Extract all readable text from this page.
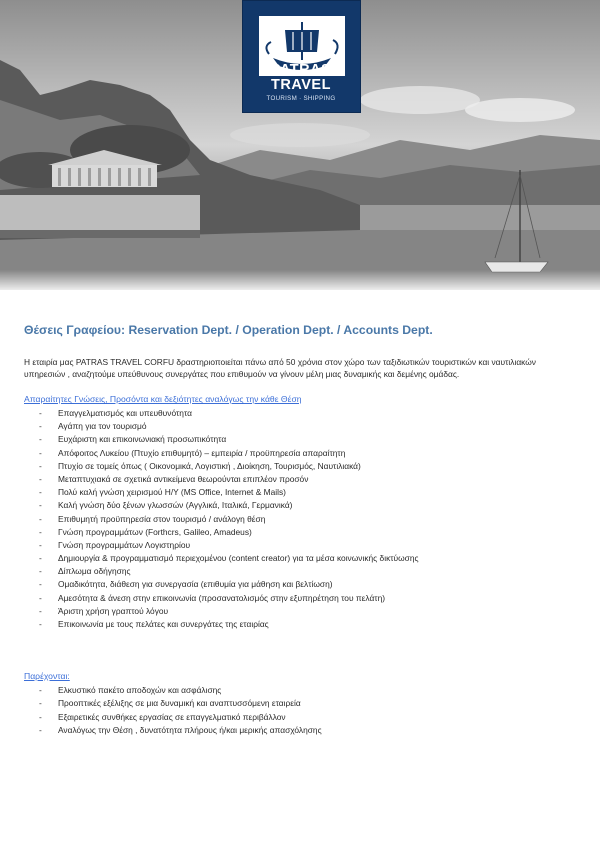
PATRAS
TRAVEL
TOURISM · SHIPPING
Θέσεις Γραφείου: Reservation Dept. / Operation Dept. / Accounts Dept.

Η εταιρία μας PATRAS TRAVEL CORFU δραστηριοποιείται πάνω από 50 χρόνια στον χώρο των ταξιδιωτικών τουριστικών και ναυτιλιακών υπηρεσιών , αναζητούμε υπεύθυνους συνεργάτες που επιθυμούν να γίνουν μέλη μιας δυναμικής και δεμένης ομάδας.

Απαραίτητες Γνώσεις, Προσόντα και δεξιότητες αναλόγως την κάθε Θέση
- Επαγγελματισμός και υπευθυνότητα
- Αγάπη για τον τουρισμό
- Ευχάριστη και επικοινωνιακή προσωπικότητα
- Απόφοιτος Λυκείου (Πτυχίο επιθυμητό) – εμπειρία / προϋπηρεσία απαραίτητη
- Πτυχίο σε τομείς όπως ( Οικονομικά, Λογιστική , Διοίκηση, Τουρισμός, Ναυτιλιακά)
- Μεταπτυχιακά σε σχετικά αντικείμενα θεωρούνται επιπλέον προσόν
- Πολύ καλή γνώση χειρισμού Η/Υ (MS Office, Internet & Mails)
- Καλή γνώση δύο ξένων γλωσσών (Αγγλικά, Ιταλικά, Γερμανικά)
- Επιθυμητή προϋπηρεσία στον τουρισμό / ανάλογη θέση
- Γνώση προγραμμάτων (Forthcrs, Galileo, Amadeus)
- Γνώση προγραμμάτων Λογιστηρίου
- Δημιουργία & προγραμματισμό περιεχομένου (content creator) για τα μέσα κοινωνικής δικτύωσης
- Δίπλωμα οδήγησης
- Ομαδικότητα, διάθεση για συνεργασία (επιθυμία για μάθηση και βελτίωση)
- Αμεσότητα & άνεση στην επικοινωνία (προσανατολισμός στην εξυπηρέτηση του πελάτη)
- Άριστη χρήση γραπτού λόγου
- Επικοινωνία με τους πελάτες και συνεργάτες της εταιρίας
Παρέχονται:
- Ελκυστικό πακέτο αποδοχών και ασφάλισης
- Προοπτικές εξέλιξης σε μια δυναμική και αναπτυσσόμενη εταιρεία
- Εξαιρετικές συνθήκες εργασίας σε επαγγελματικό περιβάλλον
- Αναλόγως την Θέση , δυνατότητα πλήρους ή/και μερικής απασχόλησης
